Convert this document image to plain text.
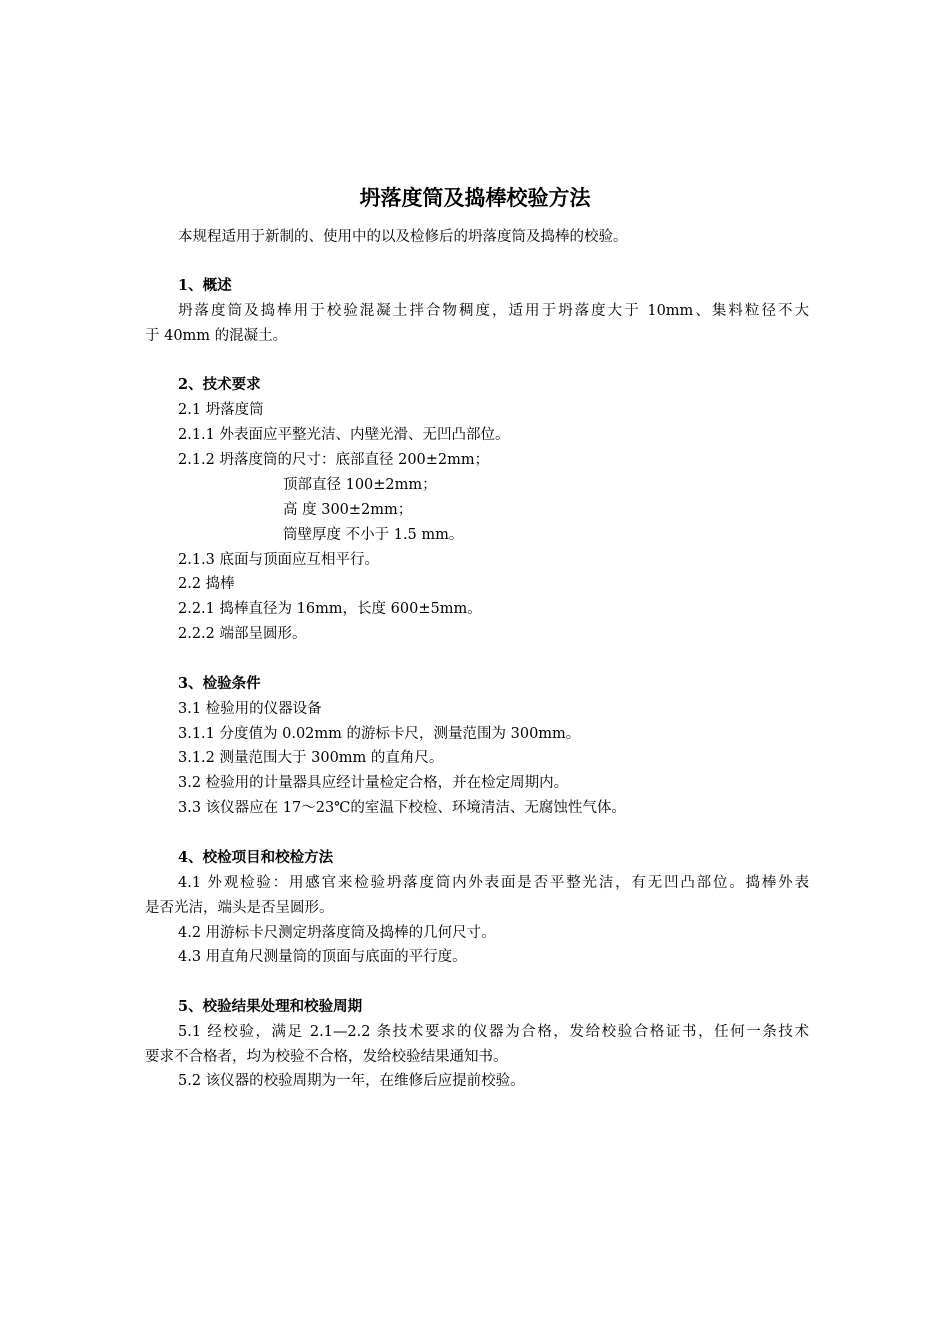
坍落度筒及捣棒校验方法
本规程适用于新制的、使用中的以及检修后的坍落度筒及捣棒的校验。
1、概述
坍落度筒及捣棒用于校验混凝土拌合物稠度，适用于坍落度大于 10mm、集料粒径不大
于 40mm 的混凝土。
2、技术要求
2.1 坍落度筒
2.1.1 外表面应平整光洁、内壁光滑、无凹凸部位。
2.1.2 坍落度筒的尺寸：底部直径 200±2mm；
顶部直径 100±2mm；
高 度 300±2mm；
筒壁厚度 不小于 1.5 mm。
2.1.3 底面与顶面应互相平行。
2.2 捣棒
2.2.1 捣棒直径为 16mm，长度 600±5mm。
2.2.2 端部呈圆形。
3、检验条件
3.1 检验用的仪器设备
3.1.1 分度值为 0.02mm 的游标卡尺，测量范围为 300mm。
3.1.2 测量范围大于 300mm 的直角尺。
3.2 检验用的计量器具应经计量检定合格，并在检定周期内。
3.3 该仪器应在 17～23℃的室温下校检、环境清洁、无腐蚀性气体。
4、校检项目和校检方法
4.1 外观检验：用感官来检验坍落度筒内外表面是否平整光洁，有无凹凸部位。捣棒外表
是否光洁，端头是否呈圆形。
4.2 用游标卡尺测定坍落度筒及捣棒的几何尺寸。
4.3 用直角尺测量筒的顶面与底面的平行度。
5、校验结果处理和校验周期
5.1 经校验，满足 2.1—2.2 条技术要求的仪器为合格，发给校验合格证书，任何一条技术
要求不合格者，均为校验不合格，发给校验结果通知书。
5.2 该仪器的校验周期为一年，在维修后应提前校验。
